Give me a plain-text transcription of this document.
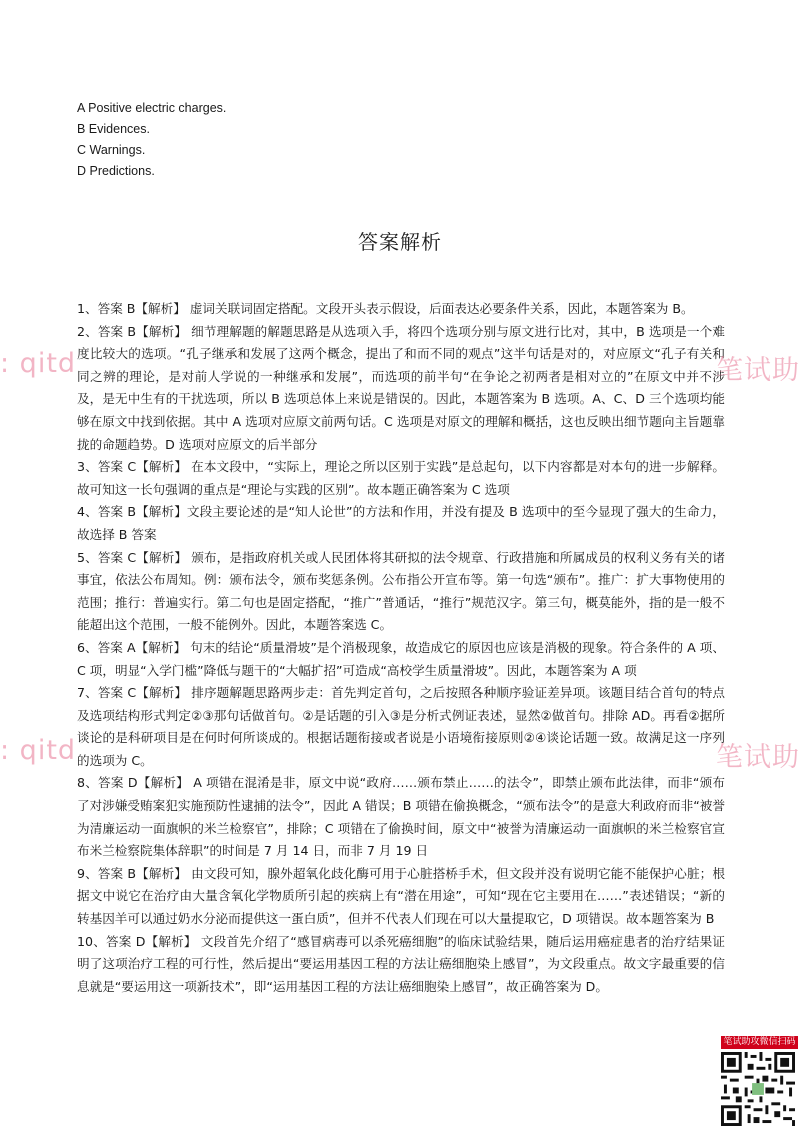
A Positive electric charges.
B Evidences.
C Warnings.
D Predictions.
答案解析

1、答案 B【解析】 虚词关联词固定搭配。文段开头表示假设，后面表达必要条件关系，因此，本题答案为 B。

2、答案 B【解析】 细节理解题的解题思路是从选项入手，将四个选项分别与原文进行比对，其中，B 选项是一个难度比较大的选项。“孔子继承和发展了这两个概念，提出了和而不同的观点”这半句话是对的，对应原文“孔子有关和同之辨的理论，是对前人学说的一种继承和发展”，而选项的前半句“在争论之初两者是相对立的”在原文中并不涉及，是无中生有的干扰选项，所以 B 选项总体上来说是错误的。因此，本题答案为 B 选项。A、C、D 三个选项均能够在原文中找到依据。其中 A 选项对应原文前两句话。C 选项是对原文的理解和概括，这也反映出细节题向主旨题靠拢的命题趋势。D 选项对应原文的后半部分

3、答案 C【解析】 在本文段中，“实际上，理论之所以区别于实践”是总起句，以下内容都是对本句的进一步解释。故可知这一长句强调的重点是“理论与实践的区别”。故本题正确答案为 C 选项

4、答案 B【解析】文段主要论述的是“知人论世”的方法和作用，并没有提及 B 选项中的至今显现了强大的生命力，故选择 B 答案

5、答案 C【解析】 颁布，是指政府机关或人民团体将其研拟的法令规章、行政措施和所属成员的权利义务有关的诸事宜，依法公布周知。例：颁布法令，颁布奖惩条例。公布指公开宣布等。第一句选“颁布”。推广：扩大事物使用的范围；推行：普遍实行。第二句也是固定搭配，“推广”普通话，“推行”规范汉字。第三句，概莫能外，指的是一般不能超出这个范围，一般不能例外。因此，本题答案选 C。

6、答案 A【解析】 句末的结论“质量滑坡”是个消极现象，故造成它的原因也应该是消极的现象。符合条件的 A 项、C 项，明显“入学门槛”降低与题干的“大幅扩招”可造成“高校学生质量滑坡”。因此，本题答案为 A 项

7、答案 C【解析】 排序题解题思路两步走：首先判定首句，之后按照各种顺序验证差异项。该题目结合首句的特点及选项结构形式判定②③那句话做首句。②是话题的引入③是分析式例证表述，显然②做首句。排除 AD。再看②据所谈论的是科研项目是在何时何所谈成的。根据话题衔接或者说是小语境衔接原则②④谈论话题一致。故满足这一序列的选项为 C。

8、答案 D【解析】 A 项错在混淆是非，原文中说“政府……颁布禁止……的法令”，即禁止颁布此法律，而非“颁布了对涉嫌受贿案犯实施预防性逮捕的法令”，因此 A 错误；B 项错在偷换概念，“颁布法令”的是意大利政府而非“被誉为清廉运动一面旗帜的米兰检察官”，排除；C 项错在了偷换时间，原文中“被誉为清廉运动一面旗帜的米兰检察官宣布米兰检察院集体辞职”的时间是 7 月 14 日，而非 7 月 19 日

9、答案 B【解析】 由文段可知，腺外超氧化歧化酶可用于心脏搭桥手术，但文段并没有说明它能不能保护心脏；根据文中说它在治疗由大量含氧化学物质所引起的疾病上有“潜在用途”，可知“现在它主要用在……”表述错误；“新的转基因羊可以通过奶水分泌而提供这一蛋白质”，但并不代表人们现在可以大量提取它，D 项错误。故本题答案为 B

10、答案 D【解析】 文段首先介绍了“感冒病毒可以杀死癌细胞”的临床试验结果，随后运用癌症患者的治疗结果证明了这项治疗工程的可行性，然后提出“要运用基因工程的方法让癌细胞染上感冒”，为文段重点。故文字最重要的信息就是“要运用这一项新技术”，即“运用基因工程的方法让癌细胞染上感冒”，故正确答案为 D。

: qitd	笔试助
: qitd	笔试助
笔试助攻微信扫码
